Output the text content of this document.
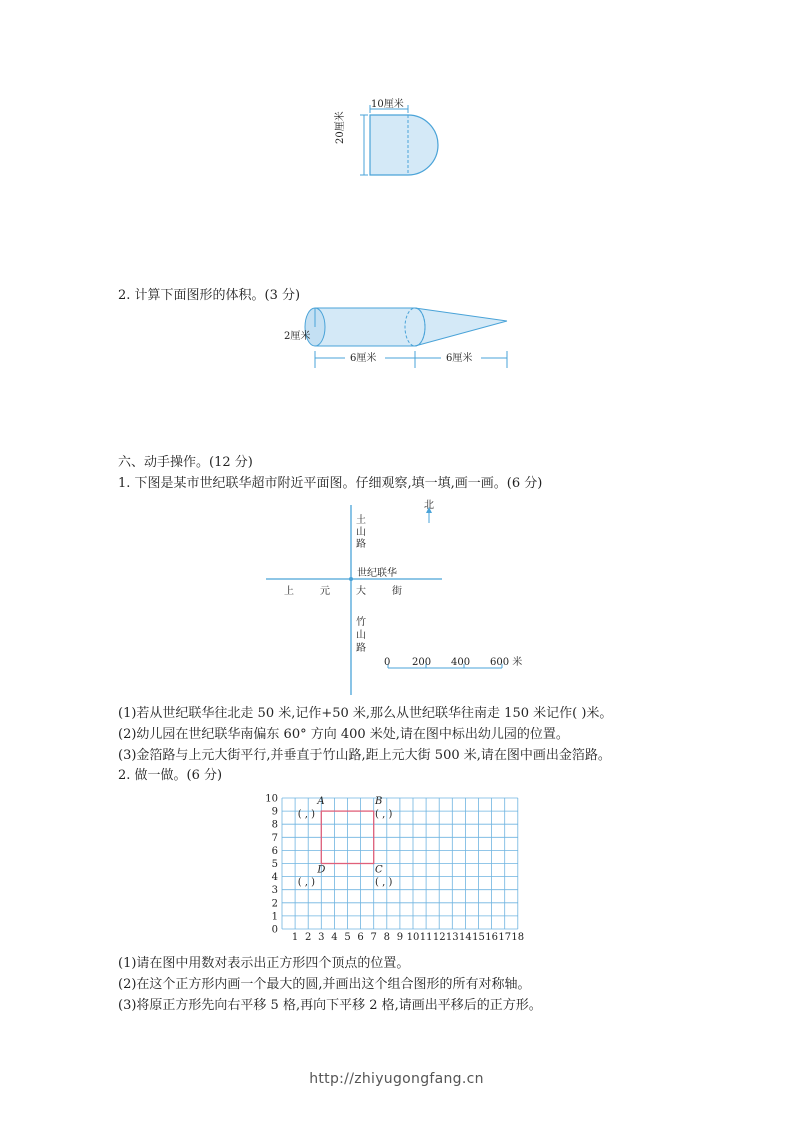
10厘米
20厘米
2. 计算下面图形的体积。(3 分)
2厘米
6厘米	6厘米
六、动手操作。(12 分)
1. 下图是某市世纪联华超市附近平面图。仔细观察,填一填,画一画。(6 分)
北
土
山
路
世纪联华
上	元	大	街
竹
山
路
0 200 400 600 米
(1)若从世纪联华往北走 50 米,记作+50 米,那么从世纪联华往南走 150 米记作( )米。
(2)幼儿园在世纪联华南偏东 60° 方向 400 米处,请在图中标出幼儿园的位置。
(3)金箔路与上元大街平行,并垂直于竹山路,距上元大街 500 米,请在图中画出金箔路。
2. 做一做。(6 分)
1 2 3 4 5 6 7 8 9 10 11 12 13 14 15 16 17 18
0
1
2
3
4
5
6
7
8
9
10	A
( , )
B
( , )
D
( , )
C
( , )
(1)请在图中用数对表示出正方形四个顶点的位置。
(2)在这个正方形内画一个最大的圆,并画出这个组合图形的所有对称轴。
(3)将原正方形先向右平移 5 格,再向下平移 2 格,请画出平移后的正方形。
http://zhiyugongfang.cn
